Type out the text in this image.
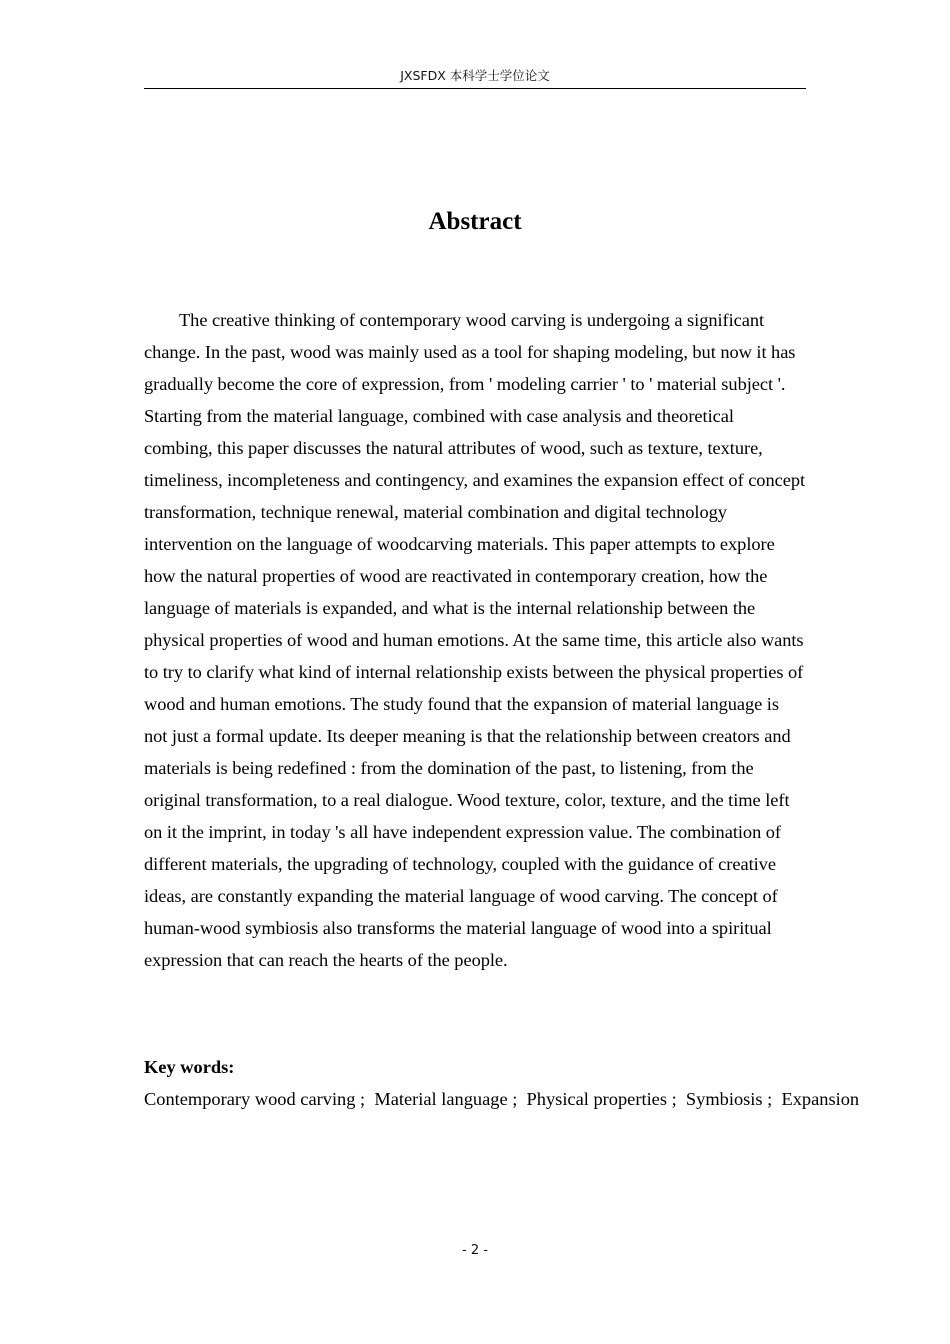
JXSFDX 本科学士学位论文
Abstract

The creative thinking of contemporary wood carving is undergoing a significant change. In the past, wood was mainly used as a tool for shaping modeling, but now it has gradually become the core of expression, from ' modeling carrier ' to ' material subject '. Starting from the material language, combined with case analysis and theoretical combing, this paper discusses the natural attributes of wood, such as texture, texture, timeliness, incompleteness and contingency, and examines the expansion effect of concept transformation, technique renewal, material combination and digital technology intervention on the language of woodcarving materials. This paper attempts to explore how the natural properties of wood are reactivated in contemporary creation, how the language of materials is expanded, and what is the internal relationship between the physical properties of wood and human emotions. At the same time, this article also wants to try to clarify what kind of internal relationship exists between the physical properties of wood and human emotions. The study found that the expansion of material language is not just a formal update. Its deeper meaning is that the relationship between creators and materials is being redefined : from the domination of the past, to listening, from the original transformation, to a real dialogue. Wood texture, color, texture, and the time left on it the imprint, in today 's all have independent expression value. The combination of different materials, the upgrading of technology, coupled with the guidance of creative ideas, are constantly expanding the material language of wood carving. The concept of human-wood symbiosis also transforms the material language of wood into a spiritual expression that can reach the hearts of the people.

Key words:

Contemporary wood carving ;  Material language ;  Physical properties ;  Symbiosis ;  Expansion

- 2 -
